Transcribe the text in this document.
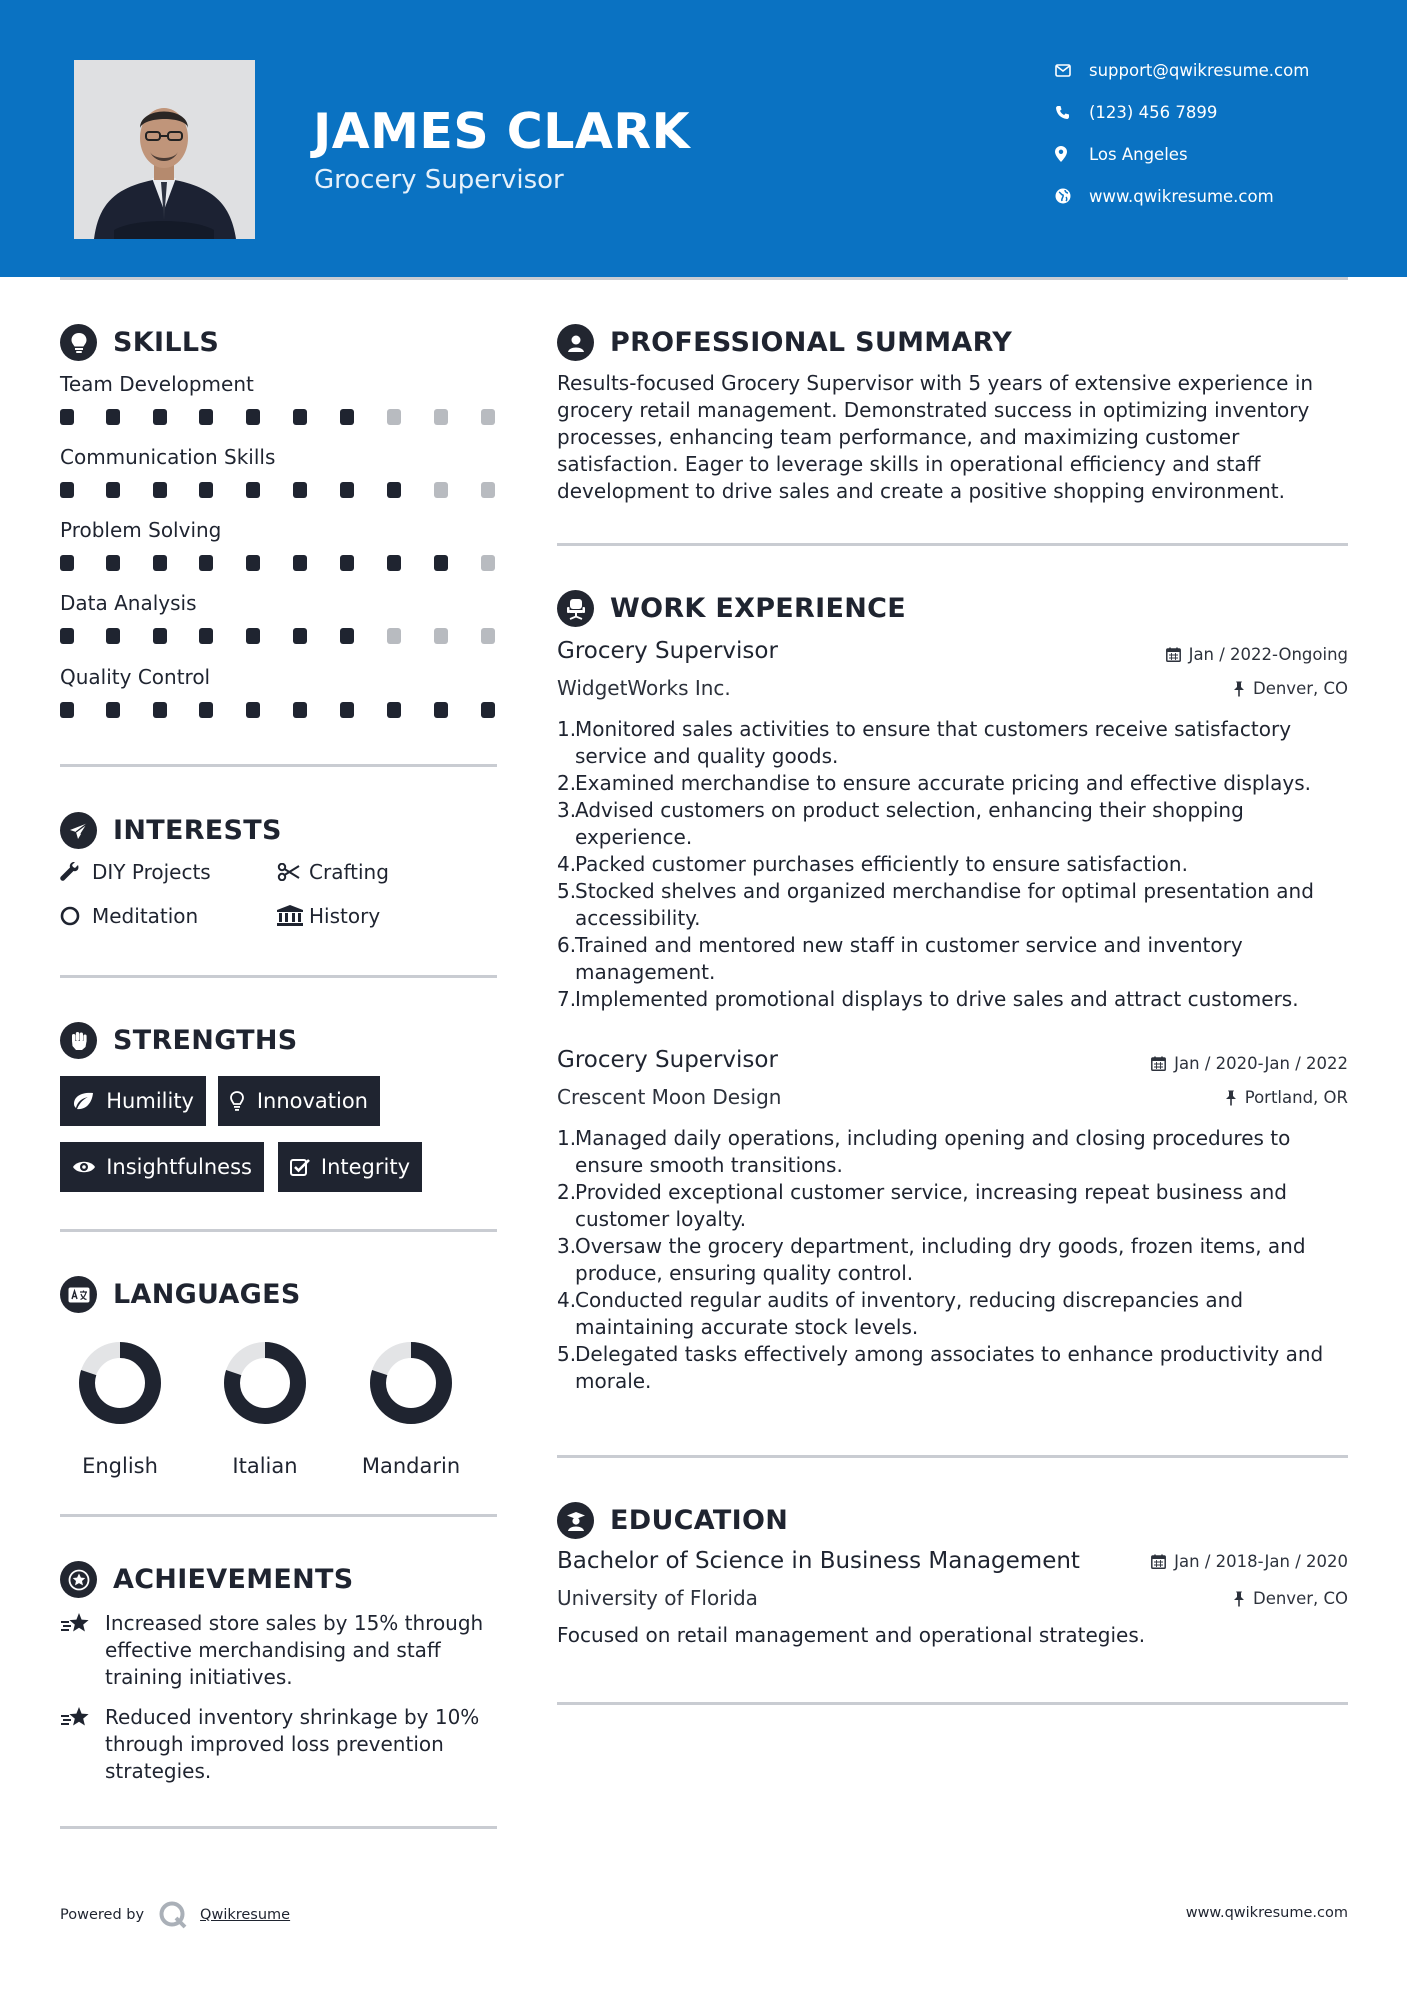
JAMES CLARK
Grocery Supervisor
support@qwikresume.com
(123) 456 7899
Los Angeles
www.qwikresume.com
SKILLS
Team Development
Communication Skills
Problem Solving
Data Analysis
Quality Control
INTERESTS
DIY Projects	Crafting
Meditation	History
STRENGTHS
Humility	Innovation
Insightfulness	Integrity
LANGUAGES
English	Italian	Mandarin
ACHIEVEMENTS
Increased store sales by 15% through effective merchandising and staff training initiatives.
Reduced inventory shrinkage by 10% through improved loss prevention strategies.
PROFESSIONAL SUMMARY
Results-focused Grocery Supervisor with 5 years of extensive experience in grocery retail management. Demonstrated success in optimizing inventory processes, enhancing team performance, and maximizing customer satisfaction. Eager to leverage skills in operational efficiency and staff development to drive sales and create a positive shopping environment.
WORK EXPERIENCE
Grocery Supervisor	Jan / 2022-Ongoing
WidgetWorks Inc.	Denver, CO
1.
Monitored sales activities to ensure that customers receive satisfactory service and quality goods.
2.
Examined merchandise to ensure accurate pricing and effective displays.
3.
Advised customers on product selection, enhancing their shopping experience.
4.
Packed customer purchases efficiently to ensure satisfaction.
5.
Stocked shelves and organized merchandise for optimal presentation and accessibility.
6.
Trained and mentored new staff in customer service and inventory management.
7.
Implemented promotional displays to drive sales and attract customers.
Grocery Supervisor	Jan / 2020-Jan / 2022
Crescent Moon Design	Portland, OR
1.
Managed daily operations, including opening and closing procedures to ensure smooth transitions.
2.
Provided exceptional customer service, increasing repeat business and customer loyalty.
3.
Oversaw the grocery department, including dry goods, frozen items, and produce, ensuring quality control.
4.
Conducted regular audits of inventory, reducing discrepancies and maintaining accurate stock levels.
5.
Delegated tasks effectively among associates to enhance productivity and morale.
EDUCATION
Bachelor of Science in Business Management	Jan / 2018-Jan / 2020
University of Florida	Denver, CO
Focused on retail management and operational strategies.
Powered by	Qwikresume	www.qwikresume.com
